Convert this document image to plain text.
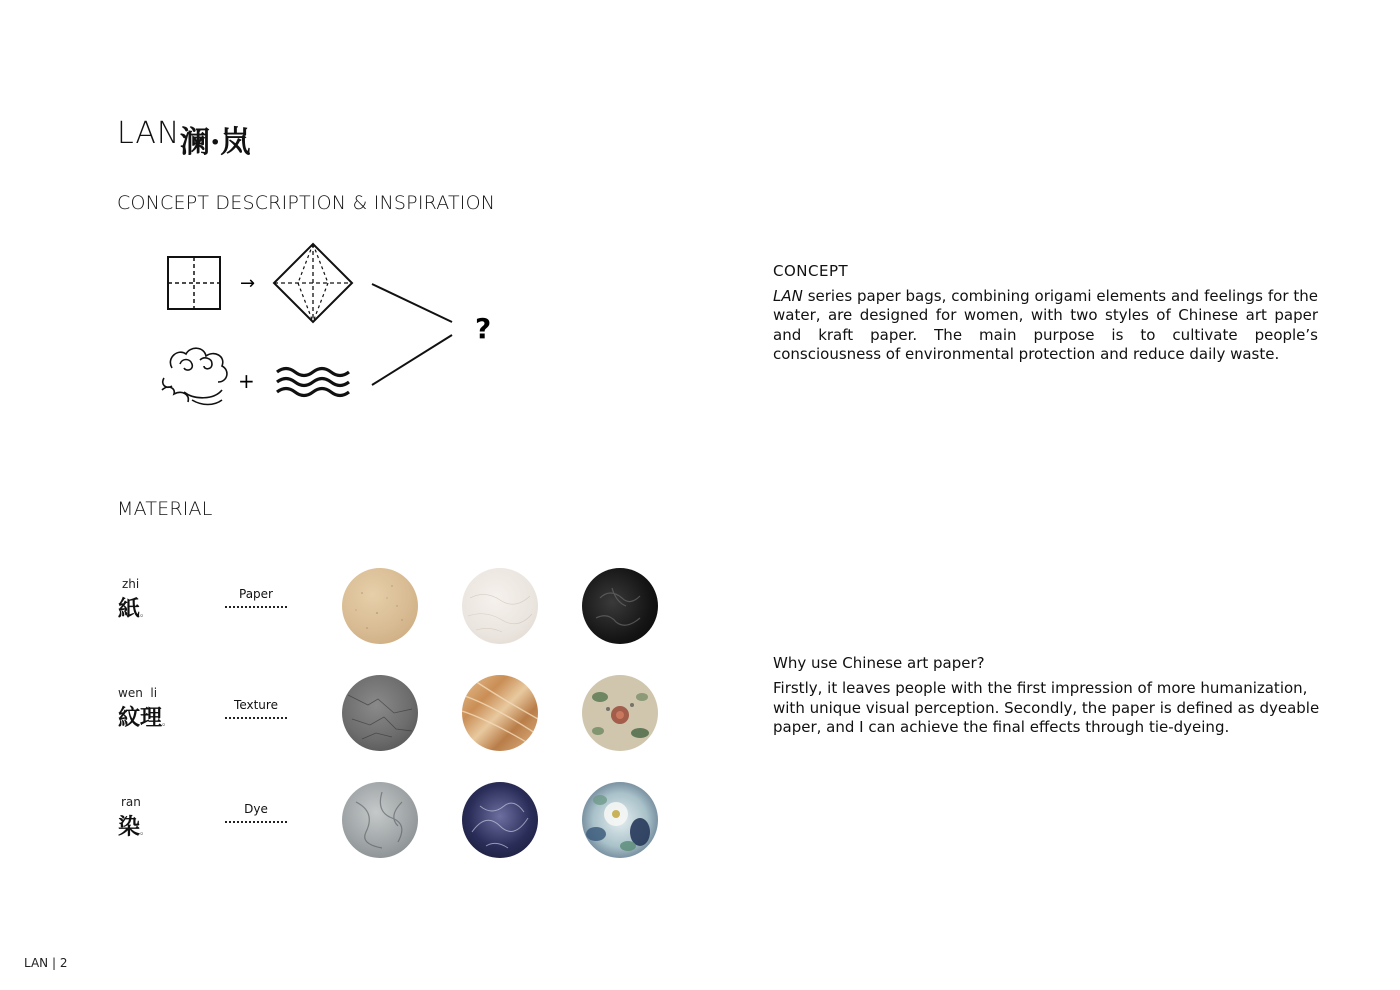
LAN 澜·岚
CONCEPT DESCRIPTION & INSPIRATION
→
+
?
CONCEPT
LAN series paper bags, combining origami elements and feelings for the water, are designed for women, with two styles of Chinese art paper and kraft paper. The main purpose is to cultivate people’s consciousness of environmental protection and reduce daily waste.
MATERIAL
zhi
紙。
Paper
wen  li
紋理。
Texture
ran
染。
Dye
Why use Chinese art paper?
Firstly, it leaves people with the first impression of more humanization, with unique visual perception. Secondly, the paper is defined as dyeable paper, and I can achieve the final effects through tie-dyeing.
LAN | 2
